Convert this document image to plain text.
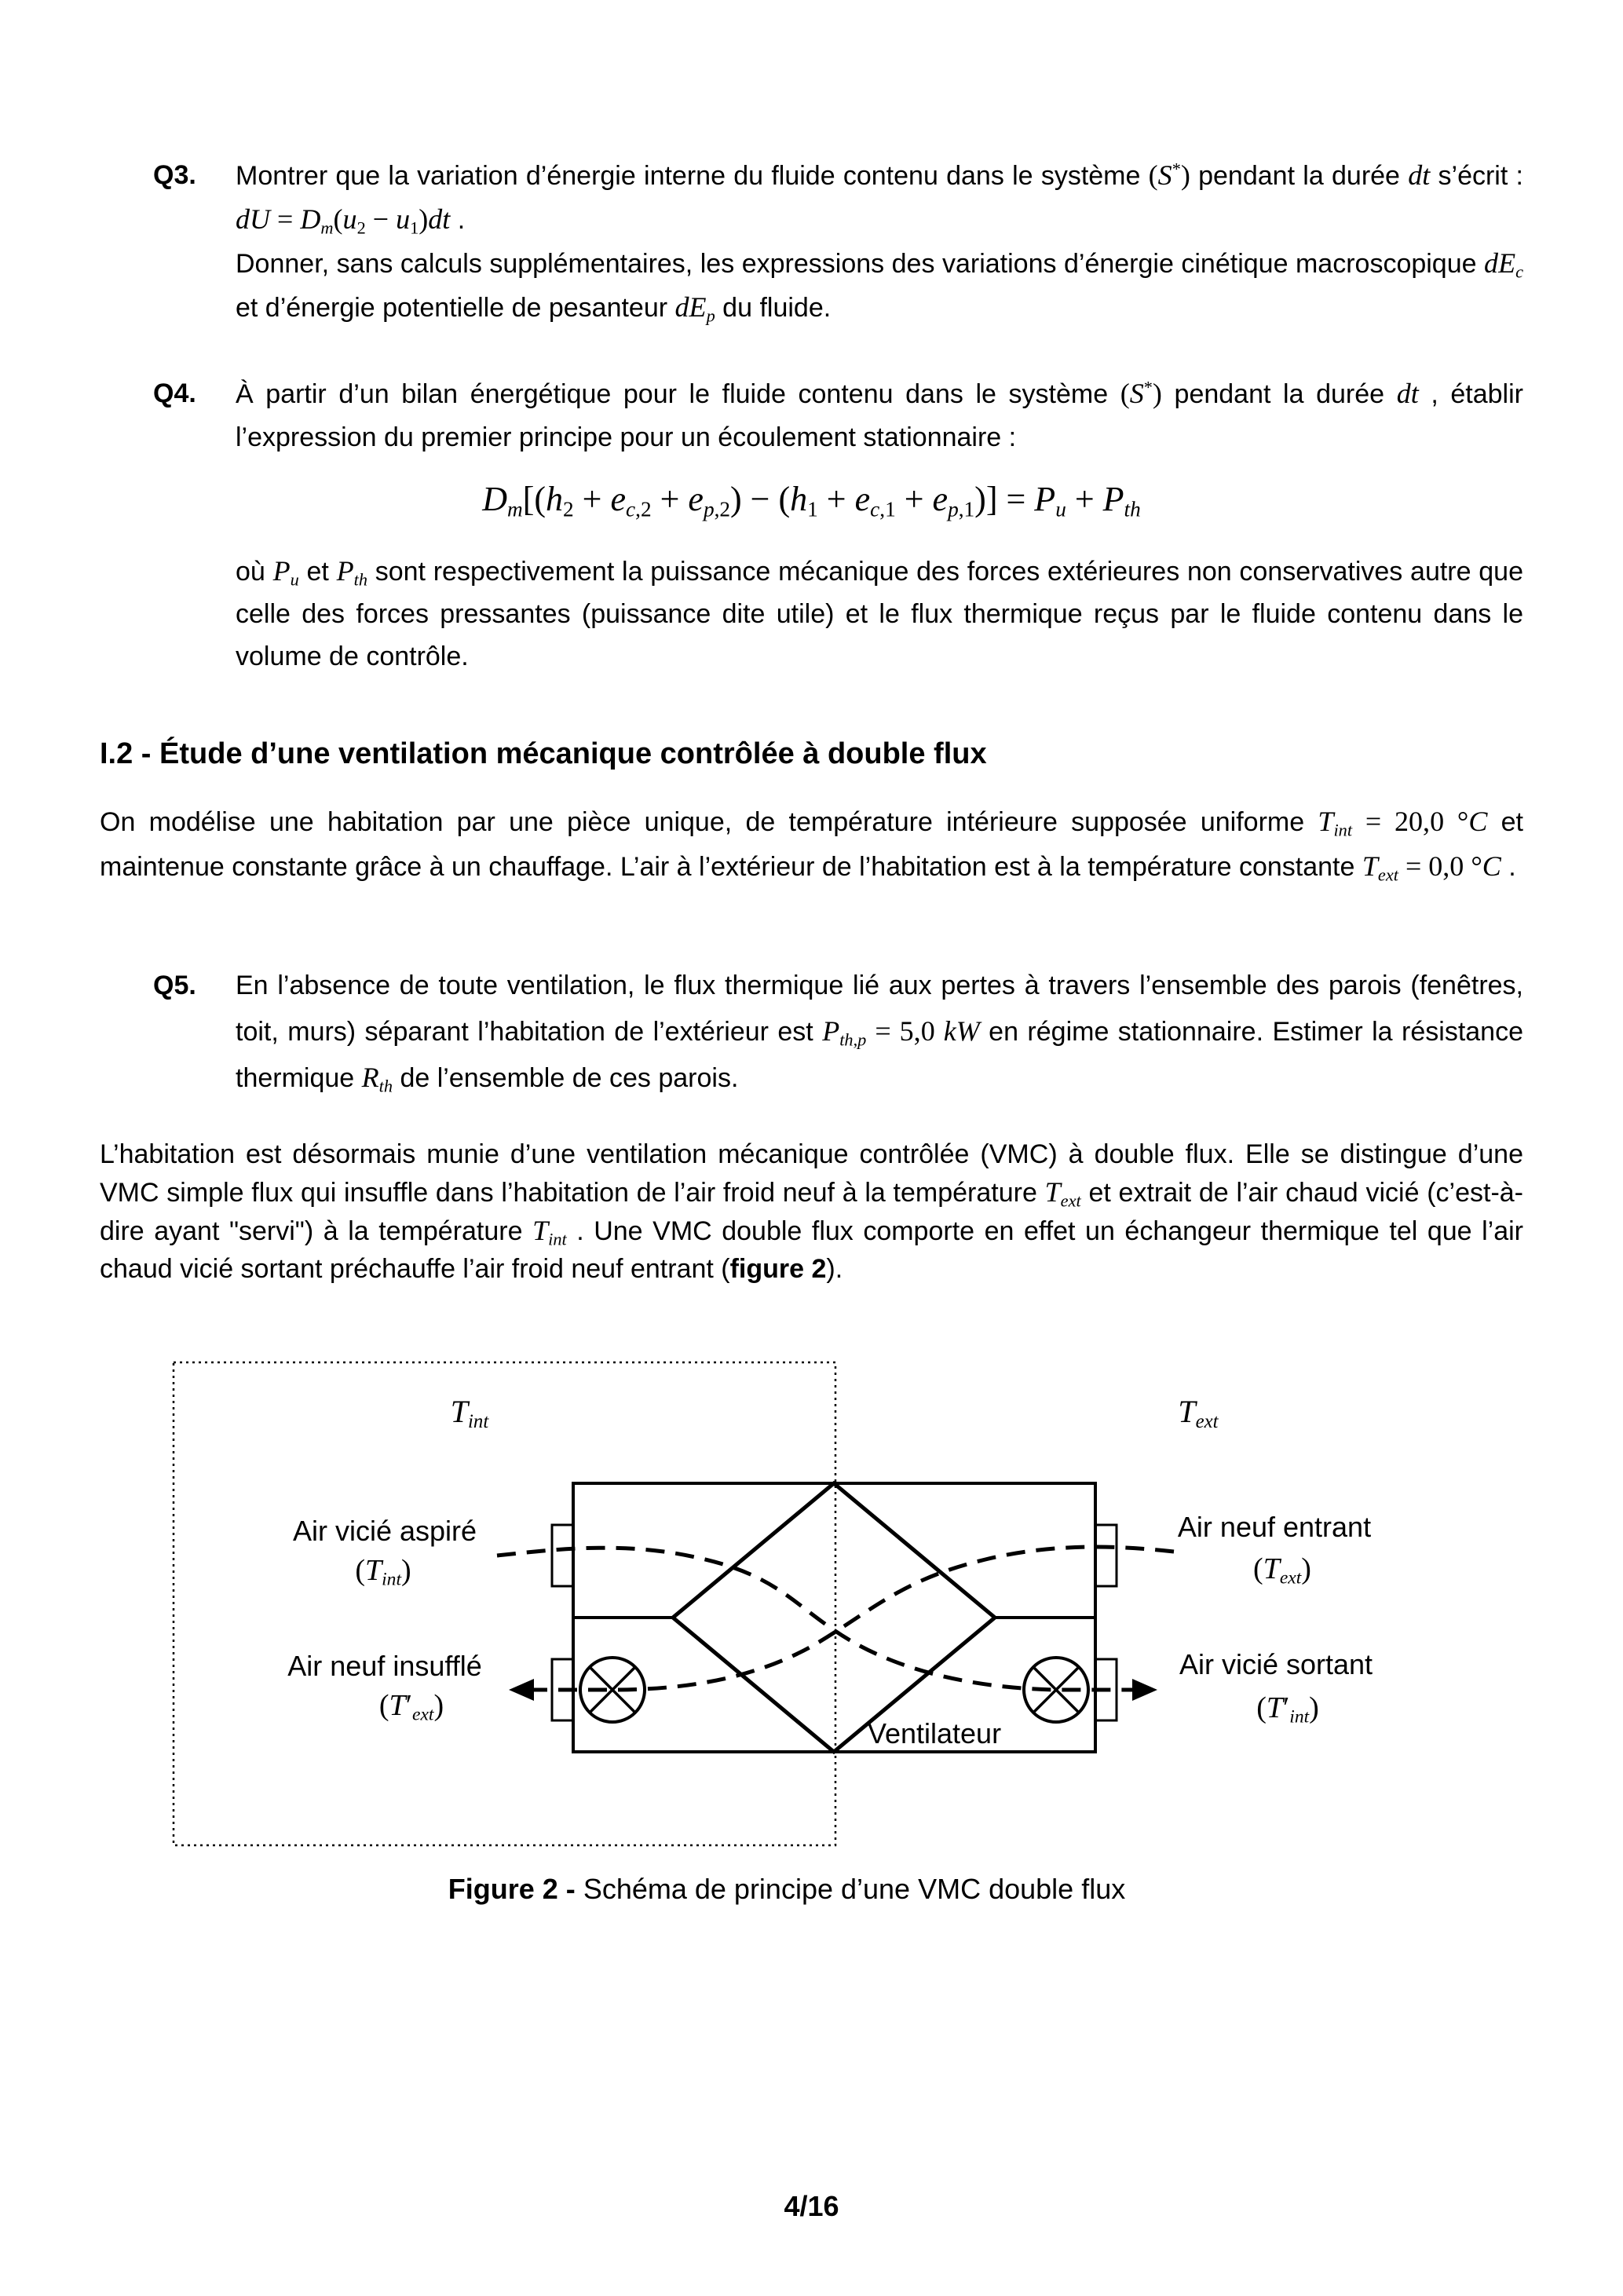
Q3.	Montrer que la variation d’énergie interne du fluide contenu dans le système (S*) pendant la durée dt s’écrit : dU = $D_m(u_2 - u_1)dt$ .

Donner, sans calculs supplémentaires, les expressions des variations d’énergie cinétique macroscopique $dE_c$ et d’énergie potentielle de pesanteur $dE_p$ du fluide.

Q4.	À partir d’un bilan énergétique pour le fluide contenu dans le système (S*) pendant la durée dt , établir l’expression du premier principe pour un écoulement stationnaire :

$D_m[(h_2 + e_{c,2} + e_{p,2}) - (h_1 + e_{c,1} + e_{p,1})] = P_u + P_{th}$

où $P_u$ et $P_{th}$ sont respectivement la puissance mécanique des forces extérieures non conservatives autre que celle des forces pressantes (puissance dite utile) et le flux thermique reçus par le fluide contenu dans le volume de contrôle.

I.2 - Étude d’une ventilation mécanique contrôlée à double flux

On modélise une habitation par une pièce unique, de température intérieure supposée uniforme $T_{int} = 20,0$ °C et maintenue constante grâce à un chauffage. L’air à l’extérieur de l’habitation est à la température constante $T_{ext} = 0,0$ °C .

Q5.	En l’absence de toute ventilation, le flux thermique lié aux pertes à travers l’ensemble des parois (fenêtres, toit, murs) séparant l’habitation de l’extérieur est $P_{th,p} = 5,0$ kW en régime stationnaire. Estimer la résistance thermique $R_{th}$ de l’ensemble de ces parois.

L’habitation est désormais munie d’une ventilation mécanique contrôlée (VMC) à double flux. Elle se distingue d’une VMC simple flux qui insuffle dans l’habitation de l’air froid neuf à la température $T_{ext}$ et extrait de l’air chaud vicié (c’est-à-dire ayant "servi") à la température $T_{int}$ . Une VMC double flux comporte en effet un échangeur thermique tel que l’air chaud vicié sortant préchauffe l’air froid neuf entrant (figure 2).

$T_{int}$	$T_{ext}$
Air vicié aspiré
$(T_{int})$
Air neuf insufflé
$(T'_{ext})$
Air neuf entrant
$(T_{ext})$
Air vicié sortant
$(T'_{int})$
Ventilateur
Figure 2 - Schéma de principe d’une VMC double flux
4/16
